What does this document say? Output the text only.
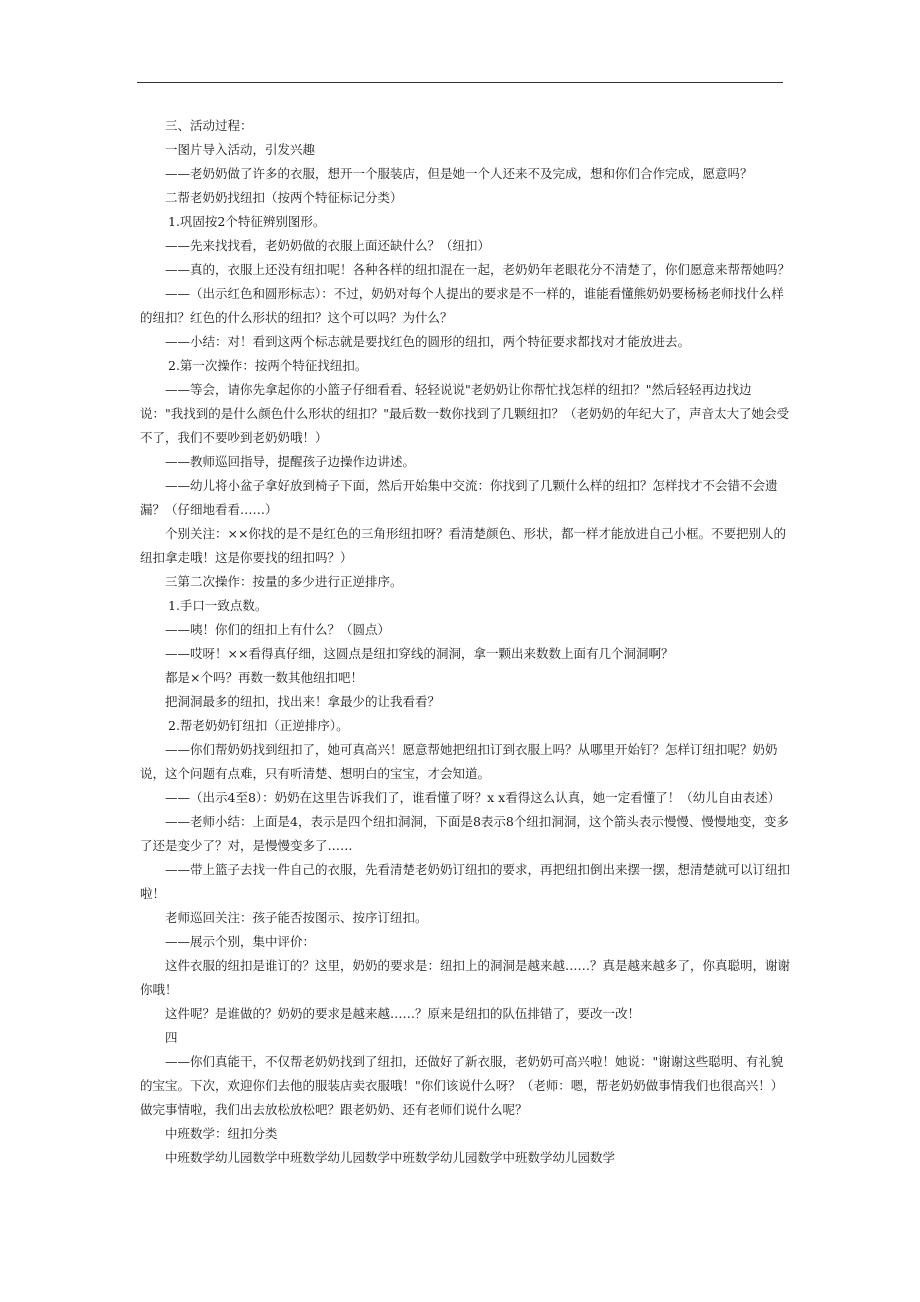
三、活动过程：
一图片导入活动，引发兴趣
——老奶奶做了许多的衣服，想开一个服装店，但是她一个人还来不及完成，想和你们合作完成，愿意吗？
二帮老奶奶找纽扣（按两个特征标记分类）
1.巩固按2个特征辨别图形。
——先来找找看，老奶奶做的衣服上面还缺什么？（纽扣）
——真的，衣服上还没有纽扣呢！各种各样的纽扣混在一起，老奶奶年老眼花分不清楚了，你们愿意来帮帮她吗？
——（出示红色和圆形标志）：不过，奶奶对每个人提出的要求是不一样的，谁能看懂熊奶奶要杨杨老师找什么样的纽扣？红色的什么形状的纽扣？这个可以吗？为什么？
——小结：对！看到这两个标志就是要找红色的圆形的纽扣，两个特征要求都找对才能放进去。
2.第一次操作：按两个特征找纽扣。
——等会，请你先拿起你的小篮子仔细看看、轻轻说说"老奶奶让你帮忙找怎样的纽扣？"然后轻轻再边找边说："我找到的是什么颜色什么形状的纽扣？"最后数一数你找到了几颗纽扣？（老奶奶的年纪大了，声音太大了她会受不了，我们不要吵到老奶奶哦！）
——教师巡回指导，提醒孩子边操作边讲述。
——幼儿将小盆子拿好放到椅子下面，然后开始集中交流：你找到了几颗什么样的纽扣？怎样找才不会错不会遗漏？（仔细地看看……）
个别关注：××你找的是不是红色的三角形纽扣呀？看清楚颜色、形状，都一样才能放进自己小框。不要把别人的纽扣拿走哦！这是你要找的纽扣吗？）
三第二次操作：按量的多少进行正逆排序。
1.手口一致点数。
——咦！你们的纽扣上有什么？（圆点）
——哎呀！××看得真仔细，这圆点是纽扣穿线的洞洞，拿一颗出来数数上面有几个洞洞啊？
都是×个吗？再数一数其他纽扣吧！
把洞洞最多的纽扣，找出来！拿最少的让我看看？
2.帮老奶奶钉纽扣（正逆排序）。
——你们帮奶奶找到纽扣了，她可真高兴！愿意帮她把纽扣订到衣服上吗？从哪里开始钉？怎样订纽扣呢？奶奶说，这个问题有点难，只有听清楚、想明白的宝宝，才会知道。
——（出示4至8）：奶奶在这里告诉我们了，谁看懂了呀？x x看得这么认真，她一定看懂了！（幼儿自由表述）
——老师小结：上面是4，表示是四个纽扣洞洞，下面是8表示8个纽扣洞洞，这个箭头表示慢慢、慢慢地变，变多了还是变少了？对，是慢慢变多了……
——带上篮子去找一件自己的衣服，先看清楚老奶奶订纽扣的要求，再把纽扣倒出来摆一摆，想清楚就可以订纽扣啦！
老师巡回关注：孩子能否按图示、按序订纽扣。
——展示个别，集中评价：
这件衣服的纽扣是谁订的？这里，奶奶的要求是：纽扣上的洞洞是越来越……？真是越来越多了，你真聪明，谢谢你哦！
这件呢？是谁做的？奶奶的要求是越来越……？原来是纽扣的队伍排错了，要改一改！
四
——你们真能干，不仅帮老奶奶找到了纽扣，还做好了新衣服，老奶奶可高兴啦！她说："谢谢这些聪明、有礼貌的宝宝。下次，欢迎你们去他的服装店卖衣服哦！"你们该说什么呀？（老师：嗯，帮老奶奶做事情我们也很高兴！）做完事情啦，我们出去放松放松吧？跟老奶奶、还有老师们说什么呢？
中班数学：纽扣分类
中班数学幼儿园数学中班数学幼儿园数学中班数学幼儿园数学中班数学幼儿园数学
